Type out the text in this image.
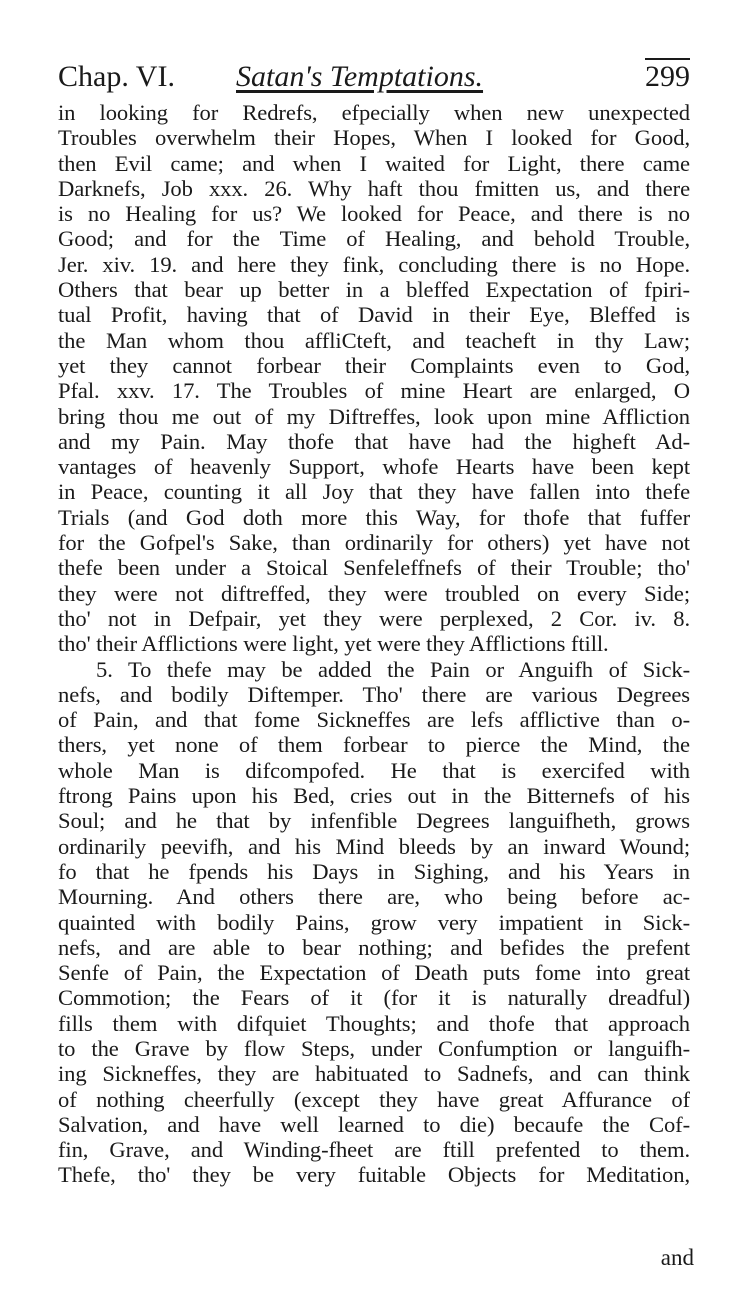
Chap. VI. Satan's Temptations.	299
in looking for Redrefs, efpecially when new unexpected
Troubles overwhelm their Hopes, When I looked for Good,
then Evil came; and when I waited for Light, there came
Darknefs, Job xxx. 26. Why haft thou fmitten us, and there
is no Healing for us? We looked for Peace, and there is no
Good; and for the Time of Healing, and behold Trouble,
Jer. xiv. 19. and here they fink, concluding there is no Hope.
Others that bear up better in a bleffed Expectation of fpiri-
tual Profit, having that of David in their Eye, Bleffed is
the Man whom thou affliCteft, and teacheft in thy Law;
yet they cannot forbear their Complaints even to God,
Pfal. xxv. 17. The Troubles of mine Heart are enlarged, O
bring thou me out of my Diftreffes, look upon mine Affliction
and my Pain. May thofe that have had the higheft Ad-
vantages of heavenly Support, whofe Hearts have been kept
in Peace, counting it all Joy that they have fallen into thefe
Trials (and God doth more this Way, for thofe that fuffer
for the Gofpel's Sake, than ordinarily for others) yet have not
thefe been under a Stoical Senfeleffnefs of their Trouble; tho'
they were not diftreffed, they were troubled on every Side;
tho' not in Defpair, yet they were perplexed, 2 Cor. iv. 8.
tho' their Afflictions were light, yet were they Afflictions ftill.
5. To thefe may be added the Pain or Anguifh of Sick-
nefs, and bodily Diftemper. Tho' there are various Degrees
of Pain, and that fome Sickneffes are lefs afflictive than o-
thers, yet none of them forbear to pierce the Mind, the
whole Man is difcompofed. He that is exercifed with
ftrong Pains upon his Bed, cries out in the Bitternefs of his
Soul; and he that by infenfible Degrees languifheth, grows
ordinarily peevifh, and his Mind bleeds by an inward Wound;
fo that he fpends his Days in Sighing, and his Years in
Mourning. And others there are, who being before ac-
quainted with bodily Pains, grow very impatient in Sick-
nefs, and are able to bear nothing; and befides the prefent
Senfe of Pain, the Expectation of Death puts fome into great
Commotion; the Fears of it (for it is naturally dreadful)
fills them with difquiet Thoughts; and thofe that approach
to the Grave by flow Steps, under Confumption or languifh-
ing Sickneffes, they are habituated to Sadnefs, and can think
of nothing cheerfully (except they have great Affurance of
Salvation, and have well learned to die) becaufe the Cof-
fin, Grave, and Winding-fheet are ftill prefented to them.
Thefe, tho' they be very fuitable Objects for Meditation,
and
